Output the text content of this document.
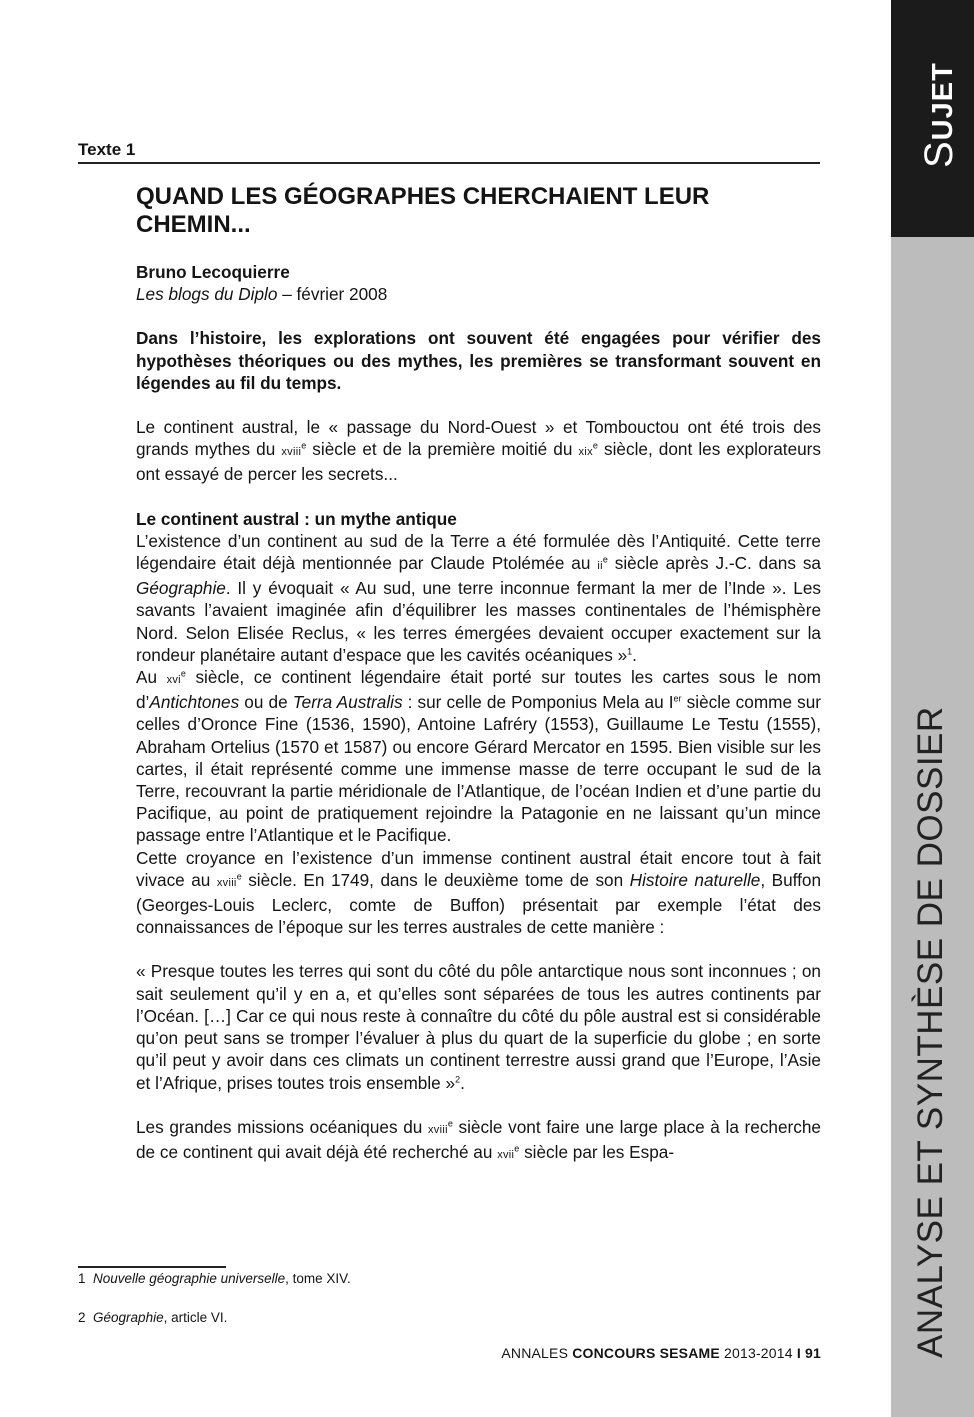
SUJET
ANALYSE ET SYNTHÈSE DE DOSSIER
Texte 1
QUAND LES GÉOGRAPHES CHERCHAIENT LEUR CHEMIN...

Bruno Lecoquierre

Les blogs du Diplo – février 2008

Dans l’histoire, les explorations ont souvent été engagées pour vérifier des hypothèses théoriques ou des mythes, les premières se transformant souvent en légendes au fil du temps.

Le continent austral, le « passage du Nord-Ouest » et Tombouctou ont été trois des grands mythes du xviii$^e$ siècle et de la première moitié du xix$^e$ siècle, dont les explorateurs ont essayé de percer les secrets...

Le continent austral : un mythe antique

L’existence d’un continent au sud de la Terre a été formulée dès l’Antiquité. Cette terre légendaire était déjà mentionnée par Claude Ptolémée au $ii^e$ siècle après J.-C. dans sa Géographie. Il y évoquait « Au sud, une terre inconnue fermant la mer de l’Inde ». Les savants l’avaient imaginée afin d’équilibrer les masses continentales de l’hémisphère Nord. Selon Elisée Reclus, « les terres émergées devaient occuper exactement sur la rondeur planétaire autant d’espace que les cavités océaniques »$^1$.

Au xvi$^e$ siècle, ce continent légendaire était porté sur toutes les cartes sous le nom d’Antichtones ou de Terra Australis : sur celle de Pomponius Mela au Ier siècle comme sur celles d’Oronce Fine (1536, 1590), Antoine Lafréry (1553), Guillaume Le Testu (1555), Abraham Ortelius (1570 et 1587) ou encore Gérard Mercator en 1595. Bien visible sur les cartes, il était représenté comme une immense masse de terre occupant le sud de la Terre, recouvrant la partie méridionale de l’Atlantique, de l’océan Indien et d’une partie du Pacifique, au point de pratiquement rejoindre la Patagonie en ne laissant qu’un mince passage entre l’Atlantique et le Pacifique.

Cette croyance en l’existence d’un immense continent austral était encore tout à fait vivace au xviii$^e$ siècle. En 1749, dans le deuxième tome de son Histoire naturelle, Buffon (Georges-Louis Leclerc, comte de Buffon) présentait par exemple l’état des connaissances de l’époque sur les terres australes de cette manière :

« Presque toutes les terres qui sont du côté du pôle antarctique nous sont inconnues ; on sait seulement qu’il y en a, et qu’elles sont séparées de tous les autres continents par l’Océan. […] Car ce qui nous reste à connaître du côté du pôle austral est si considérable qu’on peut sans se tromper l’évaluer à plus du quart de la superficie du globe ; en sorte qu’il peut y avoir dans ces climats un continent terrestre aussi grand que l’Europe, l’Asie et l’Afrique, prises toutes trois ensemble »$^2$.

Les grandes missions océaniques du xviii$^e$ siècle vont faire une large place à la recherche de ce continent qui avait déjà été recherché au xvii$^e$ siècle par les Espa-

1 Nouvelle géographie universelle, tome XIV.
2 Géographie, article VI.
ANNALES CONCOURS SESAME 2013-2014 I 91
